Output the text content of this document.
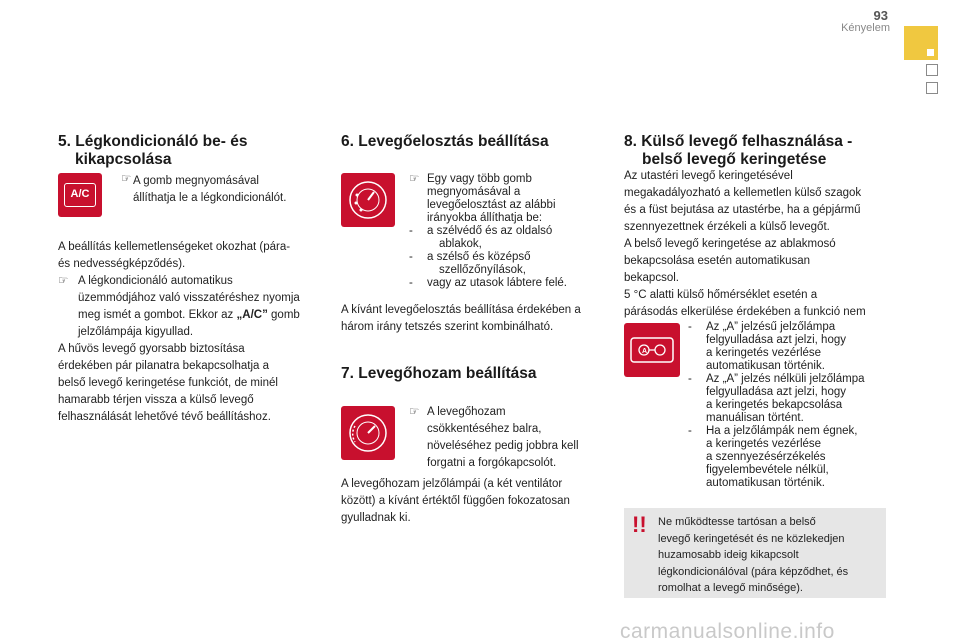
93
Kényelem
5. Légkondicionáló be- és
kikapcsolása
A/C
☞ A gomb megnyomásával
állíthatja le a légkondicionálót.
A beállítás kellemetlenségeket okozhat (pára-
és nedvességképződés).
☞ A légkondicionáló automatikus
üzemmódjához való visszatéréshez nyomja
meg ismét a gombot. Ekkor az „A/C” gomb
jelzőlámpája kigyullad.
A hűvös levegő gyorsabb biztosítása
érdekében pár pilanatra bekapcsolhatja a
belső levegő keringetése funkciót, de minél
hamarabb térjen vissza a külső levegő
felhasználását lehetővé tévő beállításhoz.
6. Levegőelosztás beállítása
☞ Egy vagy több gomb
megnyomásával a
levegőelosztást az alábbi
irányokba állíthatja be:
-	a szélvédő és az oldalsó
ablakok,
-	a szélső és középső
szellőzőnyílások,
-	vagy az utasok lábtere felé.
A kívánt levegőelosztás beállítása érdekében a
három irány tetszés szerint kombinálható.
7. Levegőhozam beállítása
☞ A levegőhozam
csökkentéséhez balra,
növeléséhez pedig jobbra kell
forgatni a forgókapcsolót.
A levegőhozam jelzőlámpái (a két ventilátor
között) a kívánt értéktől függően fokozatosan
gyulladnak ki.
8. Külső levegő felhasználása -
belső levegő keringetése
Az utastéri levegő keringetésével
megakadályozható a kellemetlen külső szagok
és a füst bejutása az utastérbe, ha a gépjármű
szennyezettnek érzékeli a külső levegőt.
A belső levegő keringetése az ablakmosó
bekapcsolása esetén automatikusan
bekapcsol.
5 °C alatti külső hőmérséklet esetén a
párásodás elkerülése érdekében a funkció nem

A
-	Az „A” jelzésű jelzőlámpa
felgyulladása azt jelzi, hogy
a keringetés vezérlése
automatikusan történik.
-	Az „A” jelzés nélküli jelzőlámpa
felgyulladása azt jelzi, hogy
a keringetés bekapcsolása
manuálisan történt.
-	Ha a jelzőlámpák nem égnek,
a keringetés vezérlése
a szennyezésérzékelés
figyelembevétele nélkül,
automatikusan történik.
!! Ne működtesse tartósan a belső
levegő keringetését és ne közlekedjen
huzamosabb ideig kikapcsolt
légkondicionálóval (pára képződhet, és
romolhat a levegő minősége).
carmanualsonline.info
